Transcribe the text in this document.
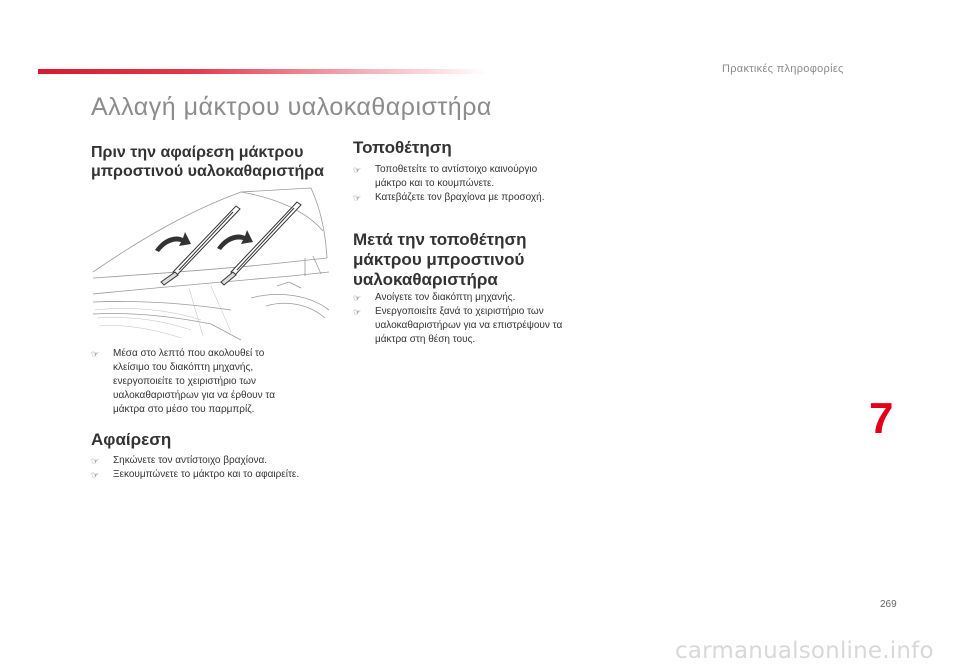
Πρακτικές πληροφορίες
Αλλαγή μάκτρου υαλοκαθαριστήρα
Πριν την αφαίρεση μάκτρου
μπροστινού υαλοκαθαριστήρα
☞ Μέσα στο λεπτό που ακολουθεί το
κλείσιμο του διακόπτη μηχανής,
ενεργοποιείτε το χειριστήριο των
υαλοκαθαριστήρων για να έρθουν τα
μάκτρα στο μέσο του παρμπρίζ.
Αφαίρεση
☞ Σηκώνετε τον αντίστοιχο βραχίονα.
☞ Ξεκουμπώνετε το μάκτρο και το αφαιρείτε.
Τοποθέτηση
☞ Τοποθετείτε το αντίστοιχο καινούργιο
μάκτρο και το κουμπώνετε.
☞ Κατεβάζετε τον βραχίονα με προσοχή.
Μετά την τοποθέτηση
μάκτρου μπροστινού
υαλοκαθαριστήρα
☞ Ανοίγετε τον διακόπτη μηχανής.
☞ Ενεργοποιείτε ξανά το χειριστήριο των
υαλοκαθαριστήρων για να επιστρέψουν τα
μάκτρα στη θέση τους.
7
269
carmanualsonline.info
